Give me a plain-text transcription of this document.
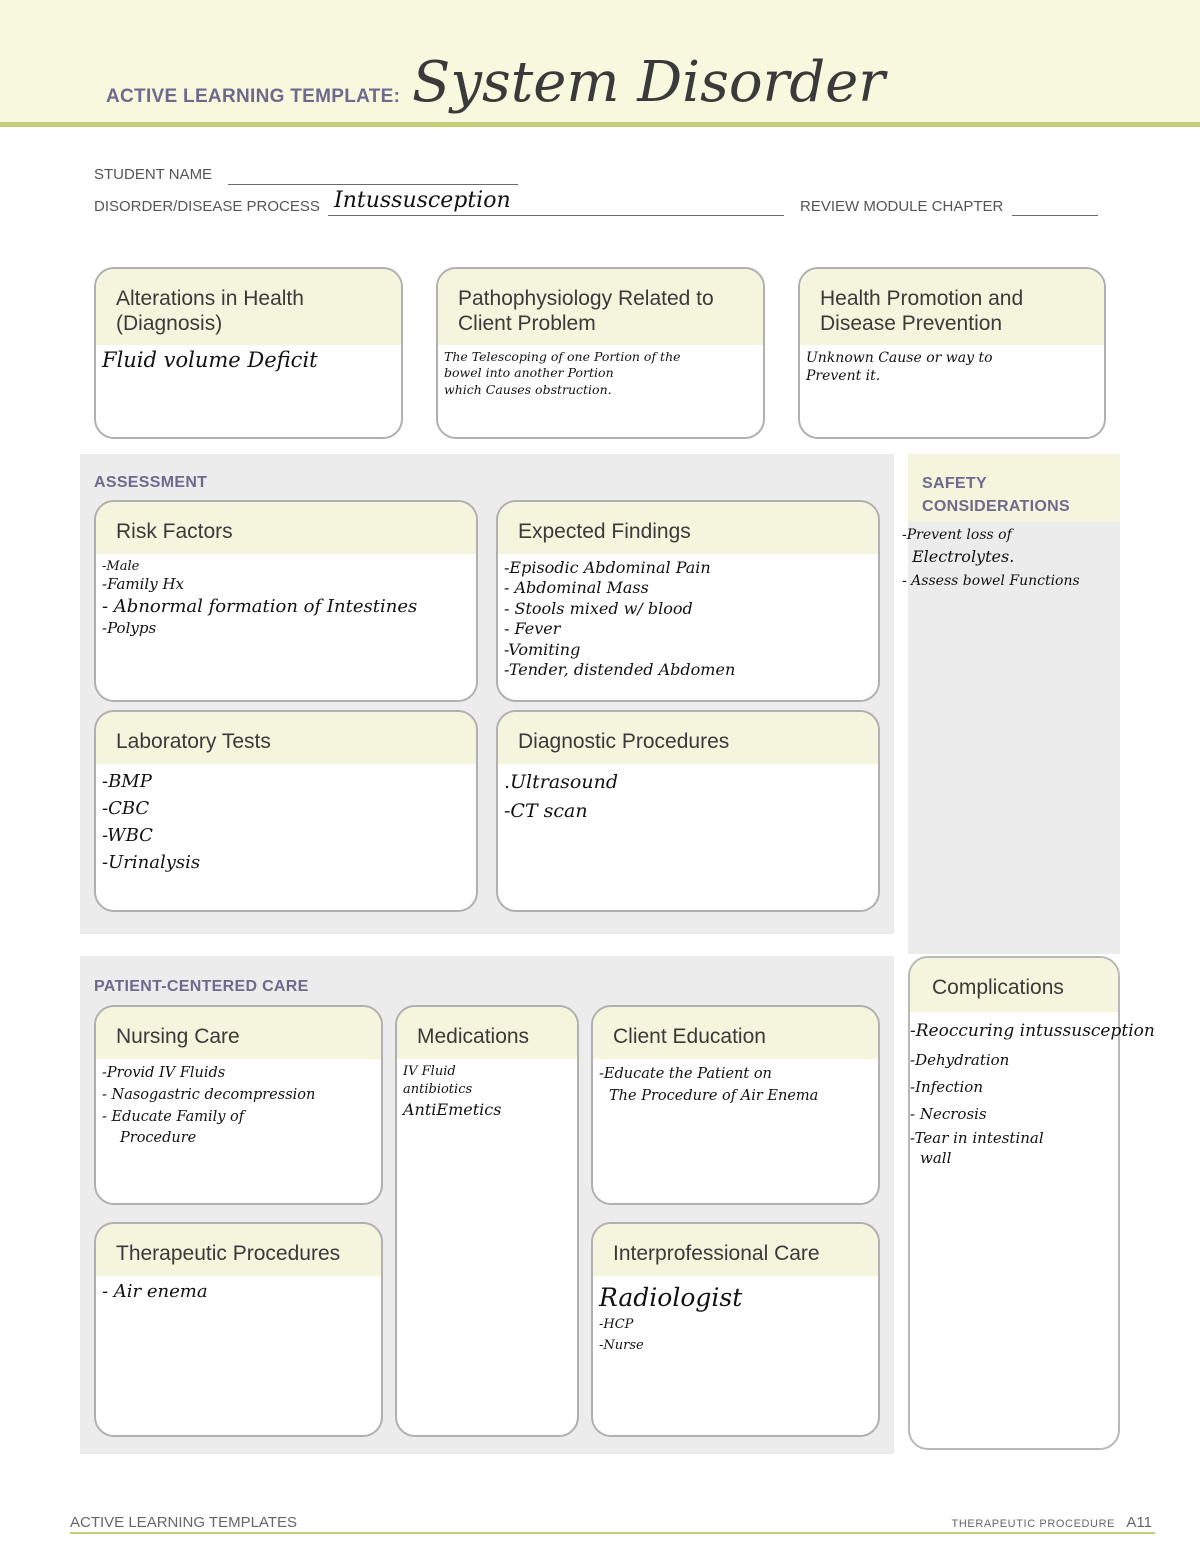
ACTIVE LEARNING TEMPLATE: System Disorder
STUDENT NAME
DISORDER/DISEASE PROCESS Intussusception	REVIEW MODULE CHAPTER
Alterations in Health (Diagnosis)
Fluid volume Deficit
Pathophysiology Related to Client Problem
The Telescoping of one Portion of the
bowel into another Portion
which Causes obstruction.
Health Promotion and Disease Prevention
Unknown Cause or way to
Prevent it.
ASSESSMENT
Risk Factors
-Male
-Family Hx
- Abnormal formation of Intestines
-Polyps
Expected Findings
-Episodic Abdominal Pain
- Abdominal Mass
- Stools mixed w/ blood
- Fever
-Vomiting
-Tender, distended Abdomen
Laboratory Tests
-BMP
-CBC
-WBC
-Urinalysis
Diagnostic Procedures
.Ultrasound
-CT scan
SAFETY CONSIDERATIONS
-Prevent loss of
Electrolytes.
- Assess bowel Functions
PATIENT-CENTERED CARE
Nursing Care
-Provid IV Fluids
- Nasogastric decompression
- Educate Family of
Procedure
Medications
IV Fluid
antibiotics
AntiEmetics
Client Education
-Educate the Patient on
The Procedure of Air Enema
Therapeutic Procedures
- Air enema
Interprofessional Care
Radiologist
-HCP
-Nurse
Complications
-Reoccuring intussusception
-Dehydration
-Infection
- Necrosis
-Tear in intestinal
wall
ACTIVE LEARNING TEMPLATES	THERAPEUTIC PROCEDURE A11
